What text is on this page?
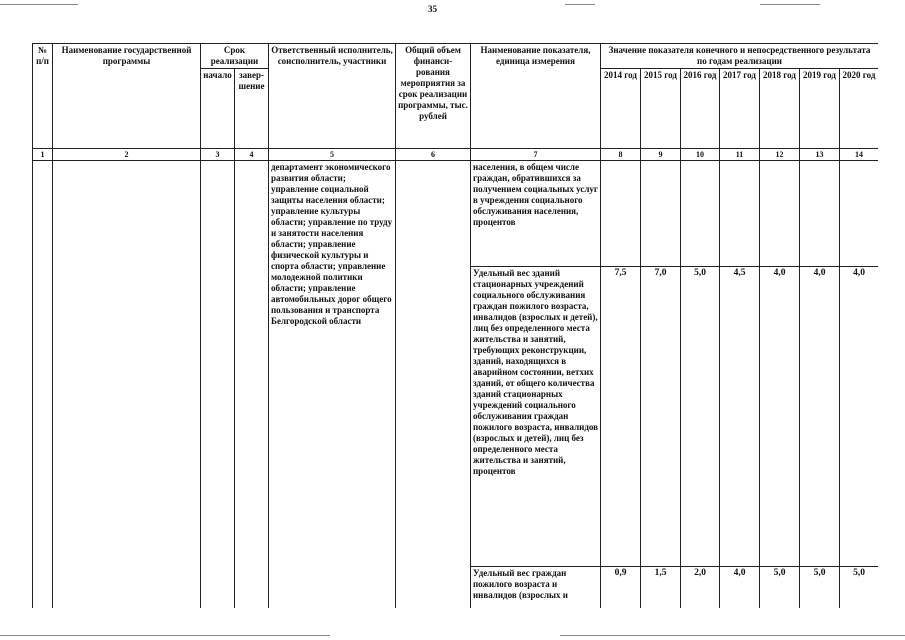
35
№ п/п	Наименование государственной программы	Срок реализации		Ответственный исполнитель, соисполнитель, участники	Общий объем финанси-рования мероприятия за срок реализации программы, тыс. рублей	Наименование показателя, единица измерения	Значение показателя конечного и непосредственного результата по годам реализации						
		начало	завер-шение				2014 год	2015 год	2016 год	2017 год	2018 год	2019 год	2020 год
1	2	3	4	5	6	7	8	9	10	11	12	13	14
				департамент экономического развития области; управление социальной защиты населения области; управление культуры области; управление по труду и занятости населения области; управление физической культуры и спорта области; управление молодежной политики области; управление автомобильных дорог общего пользования и транспорта Белгородской области		населения, в общем числе граждан, обратившихся за получением социальных услуг в учреждения социального обслуживания населения, процентов							
						Удельный вес зданий стационарных учреждений социального обслуживания граждан пожилого возраста, инвалидов (взрослых и детей), лиц без определенного места жительства и занятий, требующих реконструкции, зданий, находящихся в аварийном состоянии, ветхих зданий, от общего количества зданий стационарных учреждений социального обслуживания граждан пожилого возраста, инвалидов (взрослых и детей), лиц без определенного места жительства и занятий, процентов	7,5	7,0	5,0	4,5	4,0	4,0	4,0
						Удельный вес граждан пожилого возраста и инвалидов (взрослых и	0,9	1,5	2,0	4,0	5,0	5,0	5,0
